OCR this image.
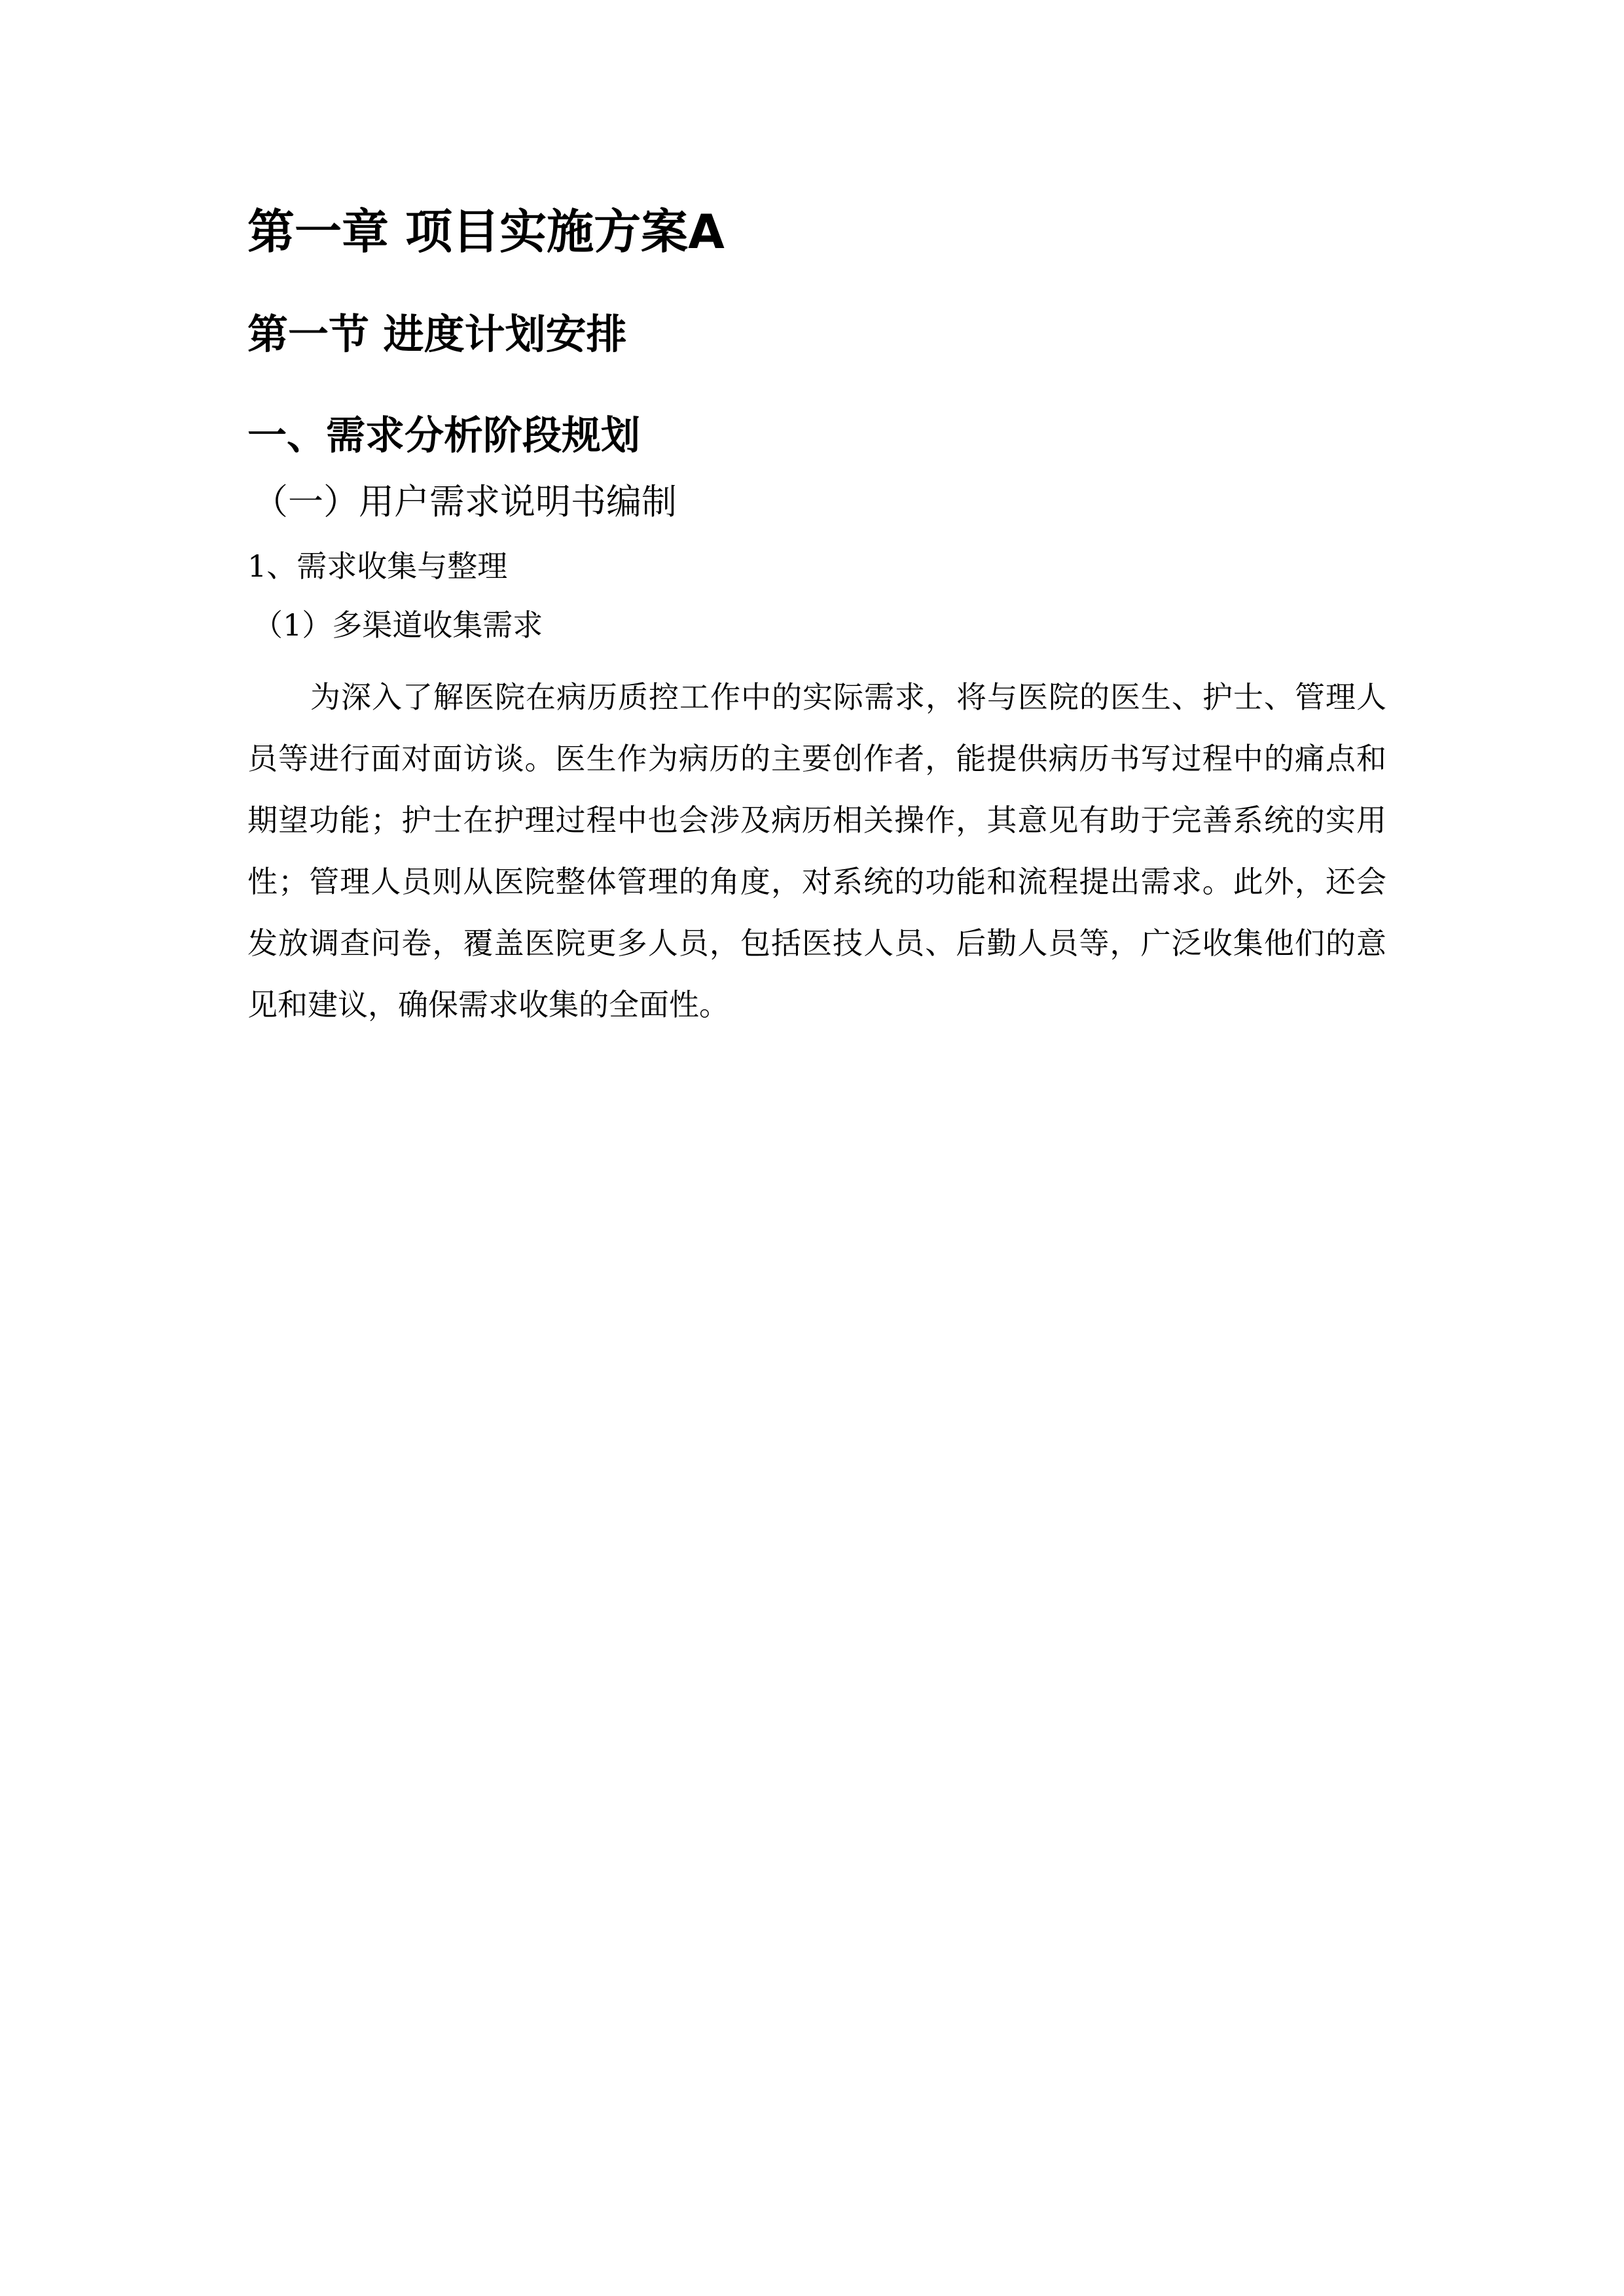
第一章 项目实施方案A
第一节 进度计划安排
一、需求分析阶段规划
（一）用户需求说明书编制
1、需求收集与整理
（1）多渠道收集需求

为深入了解医院在病历质控工作中的实际需求，将与医院的医生、护士、管理人员等进行面对面访谈。医生作为病历的主要创作者，能提供病历书写过程中的痛点和期望功能；护士在护理过程中也会涉及病历相关操作，其意见有助于完善系统的实用性；管理人员则从医院整体管理的角度，对系统的功能和流程提出需求。此外，还会发放调查问卷，覆盖医院更多人员，包括医技人员、后勤人员等，广泛收集他们的意见和建议，确保需求收集的全面性。
